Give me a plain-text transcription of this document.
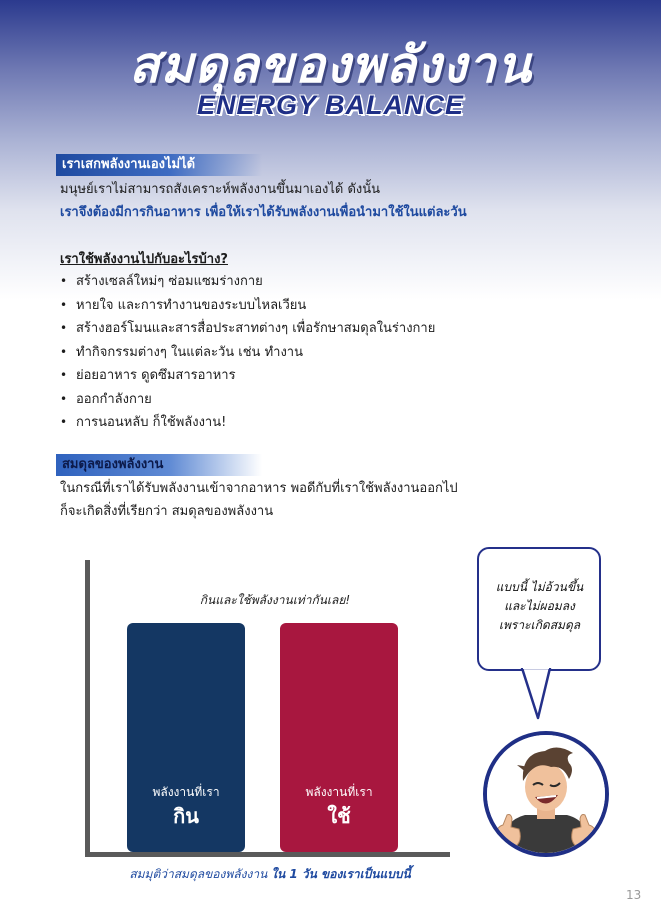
สมดุลของพลังงาน
ENERGY BALANCE
เราเสกพลังงานเองไม่ได้
มนุษย์เราไม่สามารถสังเคราะห์พลังงานขึ้นมาเองได้ ดังนั้น
เราจึงต้องมีการกินอาหาร เพื่อให้เราได้รับพลังงานเพื่อนำมาใช้ในแต่ละวัน
เราใช้พลังงานไปกับอะไรบ้าง?
• สร้างเซลล์ใหม่ๆ ซ่อมแซมร่างกาย
• หายใจ และการทำงานของระบบไหลเวียน
• สร้างฮอร์โมนและสารสื่อประสาทต่างๆ เพื่อรักษาสมดุลในร่างกาย
• ทำกิจกรรมต่างๆ ในแต่ละวัน เช่น ทำงาน
• ย่อยอาหาร ดูดซึมสารอาหาร
• ออกกำลังกาย
• การนอนหลับ ก็ใช้พลังงาน!
สมดุลของพลังงาน
ในกรณีที่เราได้รับพลังงานเข้าจากอาหาร พอดีกับที่เราใช้พลังงานออกไป
ก็จะเกิดสิ่งที่เรียกว่า สมดุลของพลังงาน
กินและใช้พลังงานเท่ากันเลย!
พลังงานที่เรา
กิน
พลังงานที่เรา
ใช้
สมมุติว่าสมดุลของพลังงาน ใน 1 วัน ของเราเป็นแบบนี้
แบบนี้ ไม่อ้วนขึ้น
และไม่ผอมลง
เพราะเกิดสมดุล
13
